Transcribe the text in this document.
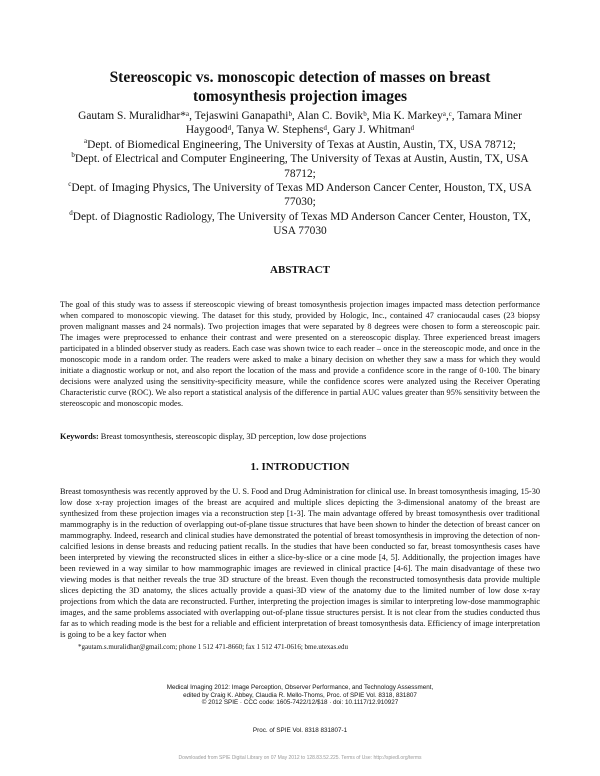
Stereoscopic vs. monoscopic detection of masses on breast
tomosynthesis projection images

Gautam S. Muralidhar*ᵃ, Tejaswini Ganapathiᵇ, Alan C. Bovikᵇ, Mia K. Markeyᵃ,ᶜ, Tamara Miner

Haygoodᵈ, Tanya W. Stephensᵈ, Gary J. Whitmanᵈ

$^a$Dept. of Biomedical Engineering, The University of Texas at Austin, Austin, TX, USA 78712;

$^b$Dept. of Electrical and Computer Engineering, The University of Texas at Austin, Austin, TX, USA 78712;

$^c$Dept. of Imaging Physics, The University of Texas MD Anderson Cancer Center, Houston, TX, USA 77030;

$^d$Dept. of Diagnostic Radiology, The University of Texas MD Anderson Cancer Center, Houston, TX, USA 77030

ABSTRACT

The goal of this study was to assess if stereoscopic viewing of breast tomosynthesis projection images impacted mass detection performance when compared to monoscopic viewing. The dataset for this study, provided by Hologic, Inc., contained 47 craniocaudal cases (23 biopsy proven malignant masses and 24 normals). Two projection images that were separated by 8 degrees were chosen to form a stereoscopic pair. The images were preprocessed to enhance their contrast and were presented on a stereoscopic display. Three experienced breast imagers participated in a blinded observer study as readers. Each case was shown twice to each reader – once in the stereoscopic mode, and once in the monoscopic mode in a random order. The readers were asked to make a binary decision on whether they saw a mass for which they would initiate a diagnostic workup or not, and also report the location of the mass and provide a confidence score in the range of 0-100. The binary decisions were analyzed using the sensitivity-specificity measure, while the confidence scores were analyzed using the Receiver Operating Characteristic curve (ROC). We also report a statistical analysis of the difference in partial AUC values greater than 95% sensitivity between the stereoscopic and monoscopic modes.

Keywords: Breast tomosynthesis, stereoscopic display, 3D perception, low dose projections

1. INTRODUCTION

Breast tomosynthesis was recently approved by the U. S. Food and Drug Administration for clinical use. In breast tomosynthesis imaging, 15-30 low dose x-ray projection images of the breast are acquired and multiple slices depicting the 3-dimensional anatomy of the breast are synthesized from these projection images via a reconstruction step [1-3]. The main advantage offered by breast tomosynthesis over traditional mammography is in the reduction of overlapping out-of-plane tissue structures that have been shown to hinder the detection of breast cancer on mammography. Indeed, research and clinical studies have demonstrated the potential of breast tomosynthesis in improving the detection of non-calcified lesions in dense breasts and reducing patient recalls. In the studies that have been conducted so far, breast tomosynthesis cases have been interpreted by viewing the reconstructed slices in either a slice-by-slice or a cine mode [4, 5]. Additionally, the projection images have been reviewed in a way similar to how mammographic images are reviewed in clinical practice [4-6]. The main disadvantage of these two viewing modes is that neither reveals the true 3D structure of the breast. Even though the reconstructed tomosynthesis data provide multiple slices depicting the 3D anatomy, the slices actually provide a quasi-3D view of the anatomy due to the limited number of low dose x-ray projections from which the data are reconstructed. Further, interpreting the projection images is similar to interpreting low-dose mammographic images, and the same problems associated with overlapping out-of-plane tissue structures persist. It is not clear from the studies conducted thus far as to which reading mode is the best for a reliable and efficient interpretation of breast tomosynthesis data. Efficiency of image interpretation is going to be a key factor when

*gautam.s.muralidhar@gmail.com; phone 1 512 471-8660; fax 1 512 471-0616; bme.utexas.edu

Medical Imaging 2012: Image Perception, Observer Performance, and Technology Assessment,
edited by Craig K. Abbey, Claudia R. Mello-Thoms, Proc. of SPIE Vol. 8318, 831807
© 2012 SPIE · CCC code: 1605-7422/12/$18 · doi: 10.1117/12.910927
Proc. of SPIE Vol. 8318 831807-1
Downloaded from SPIE Digital Library on 07 May 2012 to 128.83.52.225. Terms of Use: http://spiedl.org/terms
